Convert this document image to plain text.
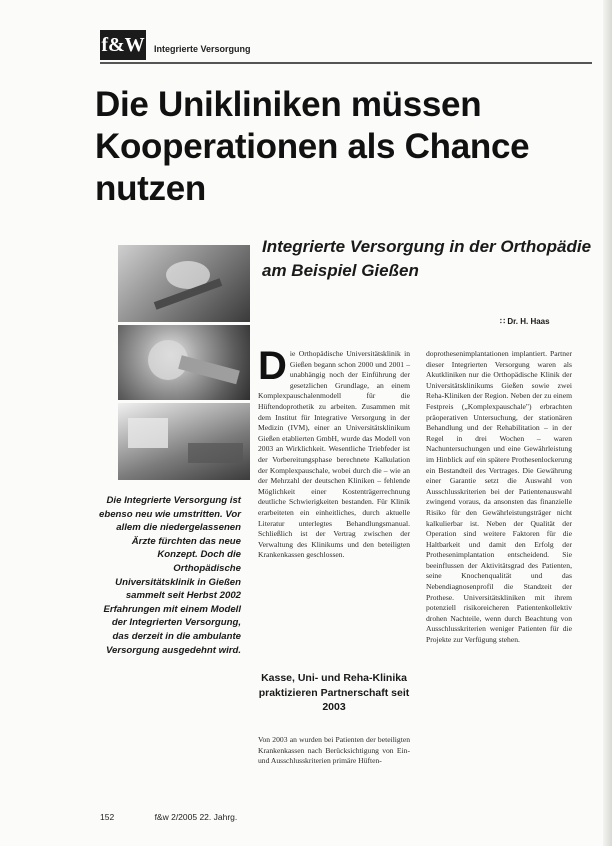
f&W Integrierte Versorgung
Die Unikliniken müssen Kooperationen als Chance nutzen
Integrierte Versorgung in der Orthopädie am Beispiel Gießen
∷ Dr. H. Haas

Die Integrierte Versorgung ist ebenso neu wie umstritten. Vor allem die niedergelassenen Ärzte fürchten das neue Konzept. Doch die Orthopädische Universitätsklinik in Gießen sammelt seit Herbst 2002 Erfahrungen mit einem Modell der Integrierten Versorgung, das derzeit in die ambulante Versorgung ausgedehnt wird.

Die Orthopädische Universitätsklinik in Gießen begann schon 2000 und 2001 – unabhängig noch der Einführung der gesetzlichen Grundlage, an einem Komplexpauschalenmodell für die Hüftendoprothetik zu arbeiten. Zusammen mit dem Institut für Integrative Versorgung in der Medizin (IVM), einer an Universitätsklinikum Gießen etablierten GmbH, wurde das Modell von 2003 an Wirklichkeit. Wesentliche Triebfeder ist der Vorbereitungsphase berechnete Kalkulation der Komplexpauschale, wobei durch die – wie an der Mehrzahl der deutschen Kliniken – fehlende Möglichkeit einer Kostenträgerrechnung deutliche Schwierigkeiten bestanden. Für Klinik erarbeiteten ein einheitliches, durch aktuelle Literatur unterlegtes Behandlungsmanual. Schließlich ist der Vertrag zwischen der Verwaltung des Klinikums und den beteiligten Krankenkassen geschlossen.
Kasse, Uni- und Reha-Klinika praktizieren Partnerschaft seit 2003

Von 2003 an wurden bei Patienten der beteiligten Krankenkassen nach Berücksichtigung von Ein- und Ausschlusskriterien primäre Hüften-

doprothesenimplantationen implantiert. Partner dieser Integrierten Versorgung waren als Akutkliniken nur die Orthopädische Klinik der Universitätsklinikums Gießen sowie zwei Reha-Kliniken der Region. Neben der zu einem Festpreis („Komplexpauschale") erbrachten präoperativen Untersuchung, der stationären Behandlung und der Rehabilitation – in der Regel in drei Wochen – waren Nachuntersuchungen und eine Gewährleistung im Hinblick auf ein spätere Prothesenlockerung ein Bestandteil des Vertrages. Die Gewährung einer Garantie setzt die Auswahl von Ausschlusskriterien bei der Patientenauswahl zwingend voraus, da ansonsten das finanzielle Risiko für den Gewährleistungsträger nicht kalkulierbar ist. Neben der Qualität der Operation sind weitere Faktoren für die Haltbarkeit und damit den Erfolg der Prothesenimplantation entscheidend. Sie beeinflussen der Aktivitätsgrad des Patienten, seine Knochenqualität und das Nebendiagnosenprofil die Standzeit der Prothese. Universitätskliniken mit ihrem potenziell risikoreicheren Patientenkollektiv drohen Nachteile, wenn durch Beachtung von Ausschlusskriterien weniger Patienten für die Projekte zur Verfügung stehen.

152	f&w 2/2005 22. Jahrg.
